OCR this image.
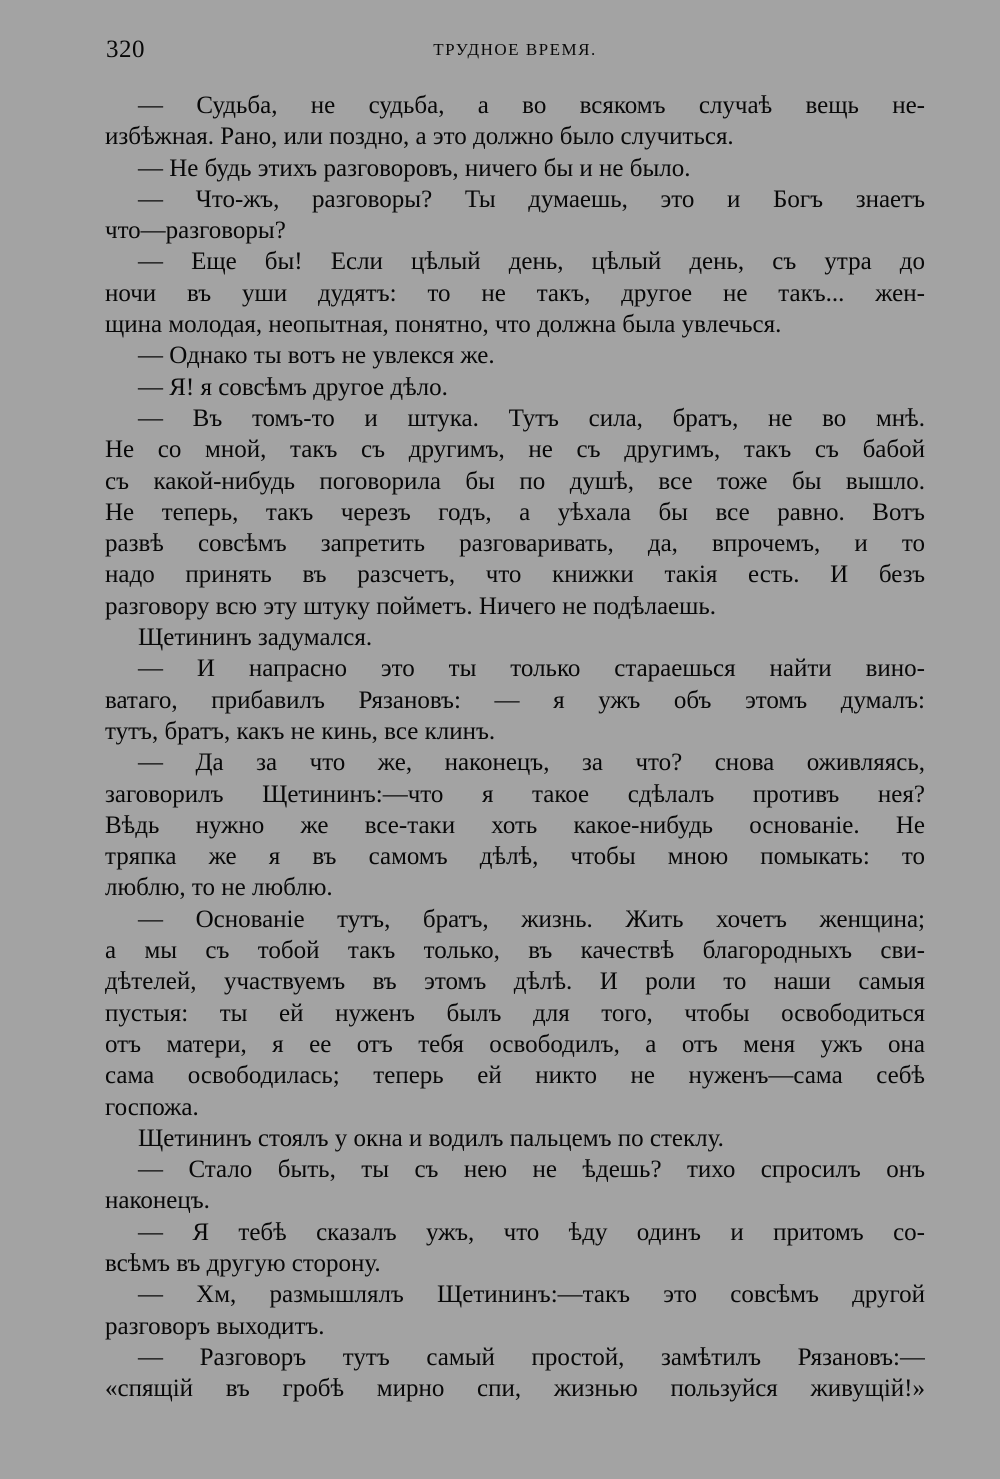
320	ТРУДНОЕ ВРЕМЯ.
— Судьба, не судьба, а во всякомъ случаѣ вещь не-
избѣжная. Рано, или поздно, а это должно было случиться.
— Не будь этихъ разговоровъ, ничего бы и не было.
— Что-жъ, разговоры? Ты думаешь, это и Богъ знаетъ
что—разговоры?
— Еще бы! Если цѣлый день, цѣлый день, съ утра до
ночи въ уши дудятъ: то не такъ, другое не такъ... жен-
щина молодая, неопытная, понятно, что должна была увлечься.
— Однако ты вотъ не увлекся же.
— Я! я совсѣмъ другое дѣло.
— Въ томъ-то и штука. Тутъ сила, братъ, не во мнѣ.
Не со мной, такъ съ другимъ, не съ другимъ, такъ съ бабой
съ какой-нибудь поговорила бы по душѣ, все тоже бы вышло.
Не теперь, такъ черезъ годъ, а уѣхала бы все равно. Вотъ
развѣ совсѣмъ запретить разговаривать, да, впрочемъ, и то
надо принять въ разсчетъ, что книжки такія есть. И безъ
разговору всю эту штуку пойметъ. Ничего не подѣлаешь.
Щетининъ задумался.
— И напрасно это ты только стараешься найти вино-
ватаго, прибавилъ Рязановъ: — я ужъ объ этомъ думалъ:
тутъ, братъ, какъ не кинь, все клинъ.
— Да за что же, наконецъ, за что? снова оживляясь,
заговорилъ Щетининъ:—что я такое сдѣлалъ противъ нея?
Вѣдь нужно же все-таки хоть какое-нибудь основаніе. Не
тряпка же я въ самомъ дѣлѣ, чтобы мною помыкать: то
люблю, то не люблю.
— Основаніе тутъ, братъ, жизнь. Жить хочетъ женщина;
а мы съ тобой такъ только, въ качествѣ благородныхъ сви-
дѣтелей, участвуемъ въ этомъ дѣлѣ. И роли то наши самыя
пустыя: ты ей нуженъ былъ для того, чтобы освободиться
отъ матери, я ее отъ тебя освободилъ, а отъ меня ужъ она
сама освободилась; теперь ей никто не нуженъ—сама себѣ
госпожа.
Щетининъ стоялъ у окна и водилъ пальцемъ по стеклу.
— Стало быть, ты съ нею не ѣдешь? тихо спросилъ онъ
наконецъ.
— Я тебѣ сказалъ ужъ, что ѣду одинъ и притомъ со-
всѣмъ въ другую сторону.
— Хм, размышлялъ Щетининъ:—такъ это совсѣмъ другой
разговоръ выходитъ.
— Разговоръ тутъ самый простой, замѣтилъ Рязановъ:—
«спящій въ гробѣ мирно спи, жизнью пользуйся живущій!»
